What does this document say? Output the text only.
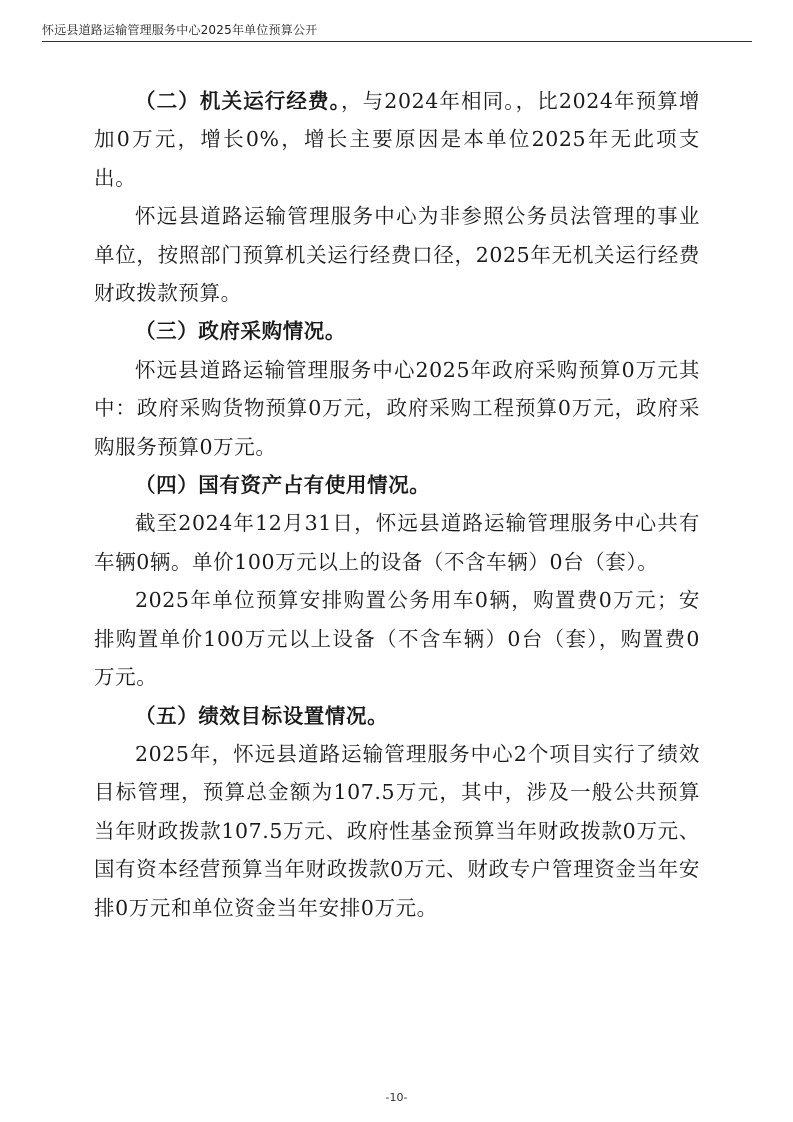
怀远县道路运输管理服务中心2025年单位预算公开

（二）机关运行经费。，与2024年相同。，比2024年预算增加0万元，增长0%，增长主要原因是本单位2025年无此项支出。

怀远县道路运输管理服务中心为非参照公务员法管理的事业单位，按照部门预算机关运行经费口径，2025年无机关运行经费财政拨款预算。

（三）政府采购情况。

怀远县道路运输管理服务中心2025年政府采购预算0万元其中：政府采购货物预算0万元，政府采购工程预算0万元，政府采购服务预算0万元。

（四）国有资产占有使用情况。

截至2024年12月31日，怀远县道路运输管理服务中心共有车辆0辆。单价100万元以上的设备（不含车辆）0台（套）。

2025年单位预算安排购置公务用车0辆，购置费0万元；安排购置单价100万元以上设备（不含车辆）0台（套），购置费0万元。

（五）绩效目标设置情况。

2025年，怀远县道路运输管理服务中心2个项目实行了绩效目标管理，预算总金额为107.5万元，其中，涉及一般公共预算当年财政拨款107.5万元、政府性基金预算当年财政拨款0万元、国有资本经营预算当年财政拨款0万元、财政专户管理资金当年安排0万元和单位资金当年安排0万元。

-10-
